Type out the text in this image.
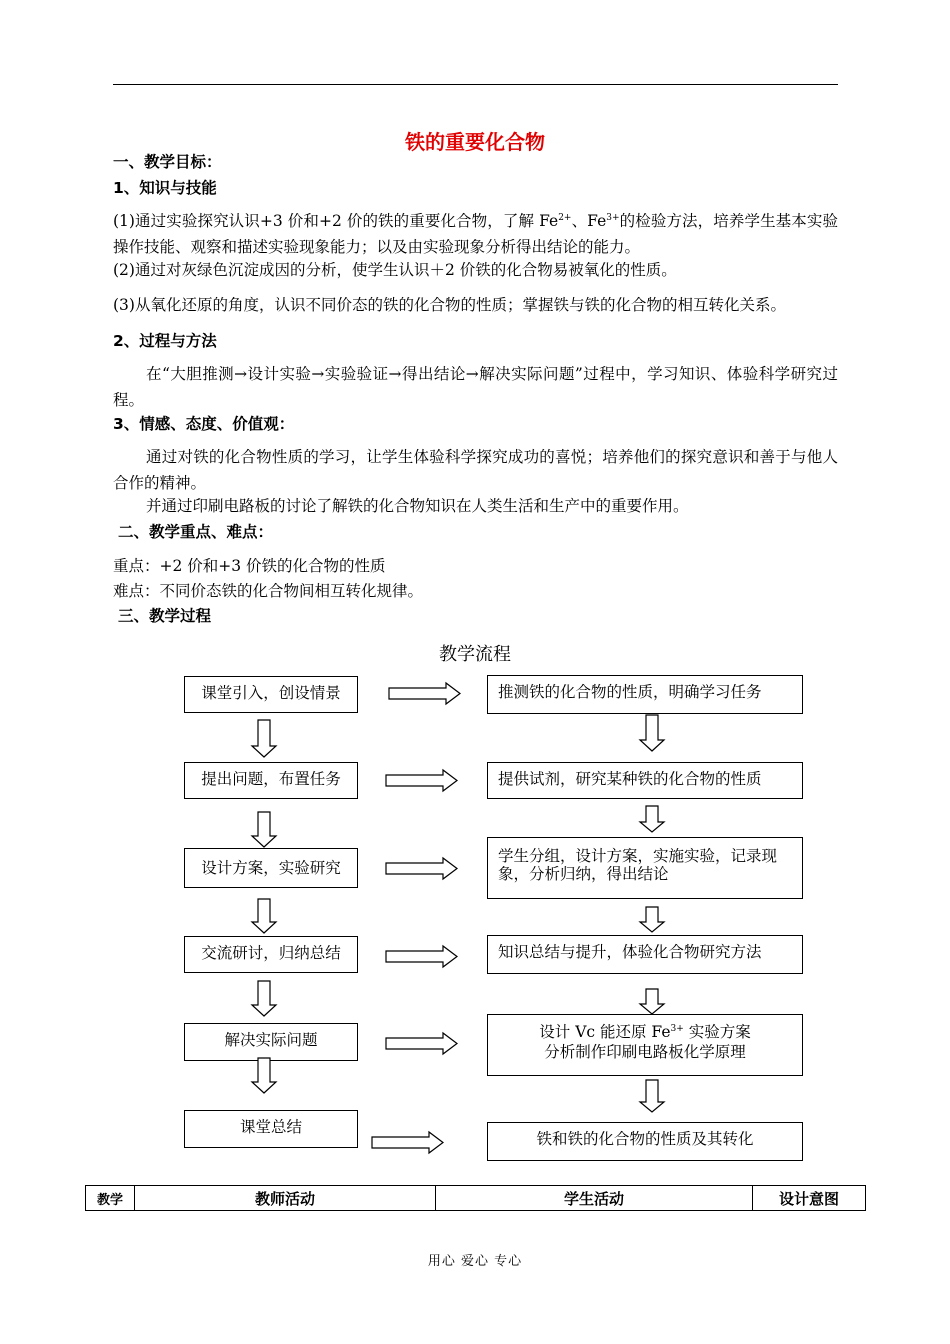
铁的重要化合物
一、教学目标：
1、知识与技能
(1)通过实验探究认识+3 价和+2 价的铁的重要化合物，了解 $Fe^{2+}$、$Fe^{3+}$的检验方法，培养学生基本实验操作技能、观察和描述实验现象能力；以及由实验现象分析得出结论的能力。
(2)通过对灰绿色沉淀成因的分析，使学生认识＋2 价铁的化合物易被氧化的性质。
(3)从氧化还原的角度，认识不同价态的铁的化合物的性质；掌握铁与铁的化合物的相互转化关系。
2、过程与方法
在“大胆推测→设计实验→实验验证→得出结论→解决实际问题”过程中，学习知识、体验科学研究过程。
3、情感、态度、价值观：
通过对铁的化合物性质的学习，让学生体验科学探究成功的喜悦；培养他们的探究意识和善于与他人合作的精神。
并通过印刷电路板的讨论了解铁的化合物知识在人类生活和生产中的重要作用。
二、教学重点、难点：
重点：+2 价和+3 价铁的化合物的性质
难点：不同价态铁的化合物间相互转化规律。
三、教学过程
教学流程
课堂引入，创设情景
提出问题，布置任务
设计方案，实验研究
交流研讨，归纳总结
解决实际问题
课堂总结
推测铁的化合物的性质，明确学习任务
提供试剂，研究某种铁的化合物的性质
学生分组，设计方案，实施实验，记录现象，分析归纳，得出结论
知识总结与提升，体验化合物研究方法
设计 Vc 能还原 $Fe^{3+}$ 实验方案
分析制作印刷电路板化学原理
铁和铁的化合物的性质及其转化
教学	教师活动	学生活动	设计意图
用心 爱心 专心
